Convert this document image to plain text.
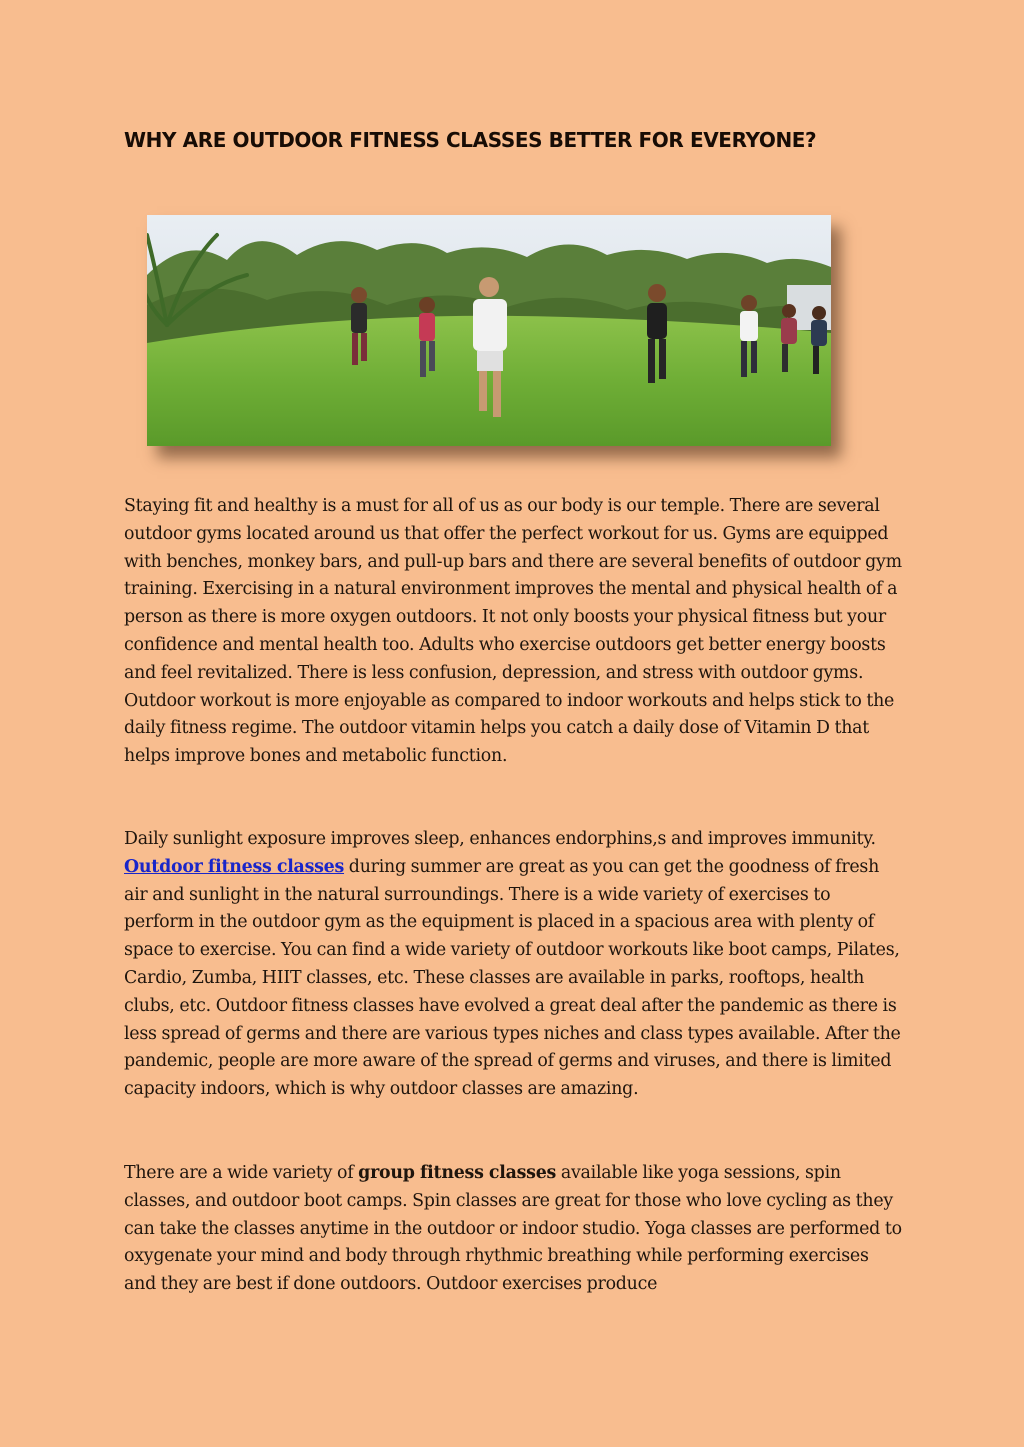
WHY ARE OUTDOOR FITNESS CLASSES BETTER FOR EVERYONE?

Staying fit and healthy is a must for all of us as our body is our temple. There are several outdoor gyms located around us that offer the perfect workout for us. Gyms are equipped with benches, monkey bars, and pull-up bars and there are several benefits of outdoor gym training. Exercising in a natural environment improves the mental and physical health of a person as there is more oxygen outdoors. It not only boosts your physical fitness but your confidence and mental health too. Adults who exercise outdoors get better energy boosts and feel revitalized. There is less confusion, depression, and stress with outdoor gyms. Outdoor workout is more enjoyable as compared to indoor workouts and helps stick to the daily fitness regime. The outdoor vitamin helps you catch a daily dose of Vitamin D that helps improve bones and metabolic function.

Daily sunlight exposure improves sleep, enhances endorphins,s and improves immunity. Outdoor fitness classes during summer are great as you can get the goodness of fresh air and sunlight in the natural surroundings. There is a wide variety of exercises to perform in the outdoor gym as the equipment is placed in a spacious area with plenty of space to exercise. You can find a wide variety of outdoor workouts like boot camps, Pilates, Cardio, Zumba, HIIT classes, etc. These classes are available in parks, rooftops, health clubs, etc. Outdoor fitness classes have evolved a great deal after the pandemic as there is less spread of germs and there are various types niches and class types available. After the pandemic, people are more aware of the spread of germs and viruses, and there is limited capacity indoors, which is why outdoor classes are amazing.

There are a wide variety of group fitness classes available like yoga sessions, spin classes, and outdoor boot camps. Spin classes are great for those who love cycling as they can take the classes anytime in the outdoor or indoor studio. Yoga classes are performed to oxygenate your mind and body through rhythmic breathing while performing exercises and they are best if done outdoors. Outdoor exercises produce
